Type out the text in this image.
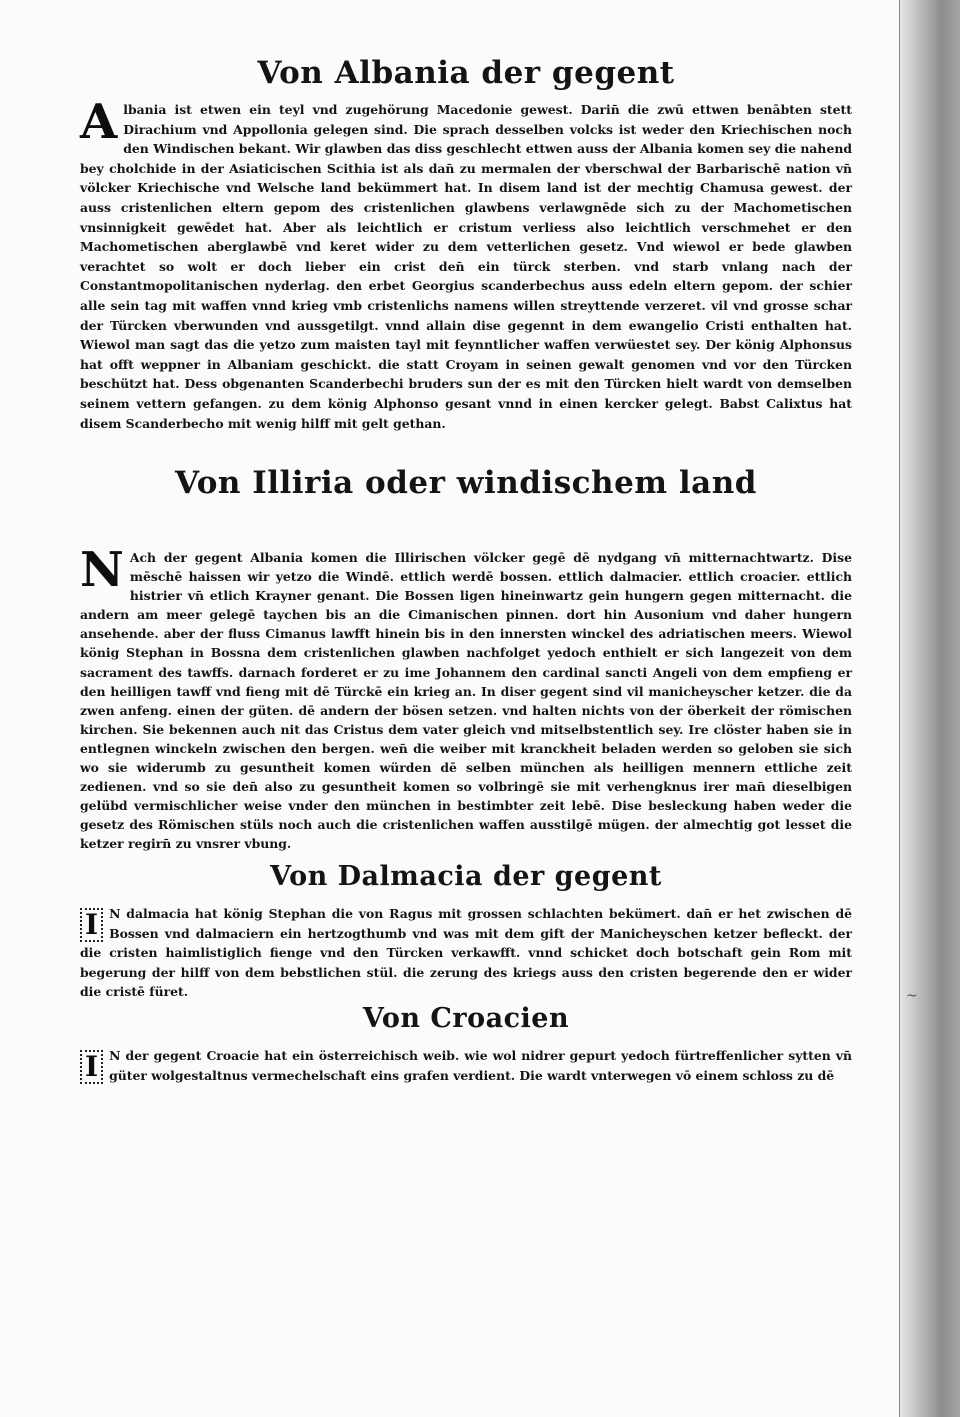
~
Von Albania der gegent

A lbania ist etwen ein teyl vnd zugehörung Macedonie gewest. Darin̄ die zwū ettwen benābten stett Dirachium vnd Appollonia gelegen sind. Die sprach desselben volcks ist weder den Kriechischen noch den Windischen bekant. Wir glawben das diss geschlecht ettwen auss der Albania komen sey die nahend bey cholchide in der Asiaticischen Scithia ist als dan̄ zu mermalen der vberschwal der Barbarischē nation vn̄ völcker Kriechische vnd Welsche land bekümmert hat. In disem land ist der mechtig Chamusa gewest. der auss cristenlichen eltern gepom des cristenlichen glawbens verlawgnēde sich zu der Machometischen vnsinnigkeit gewēdet hat. Aber als leichtlich er cristum verliess also leichtlich verschmehet er den Machometischen aberglawbē vnd keret wider zu dem vetterlichen gesetz. Vnd wiewol er bede glawben verachtet so wolt er doch lieber ein crist den̄ ein türck sterben. vnd starb vnlang nach der Constantmopolitanischen nyderlag. den erbet Georgius scanderbechus auss edeln eltern gepom. der schier alle sein tag mit waffen vnnd krieg vmb cristenlichs namens willen streyttende verzeret. vil vnd grosse schar der Türcken vberwunden vnd aussgetilgt. vnnd allain dise gegennt in dem ewangelio Cristi enthalten hat. Wiewol man sagt das die yetzo zum maisten tayl mit feynntlicher waffen verwüestet sey. Der könig Alphonsus hat offt weppner in Albaniam geschickt. die statt Croyam in seinen gewalt genomen vnd vor den Türcken beschützt hat. Dess obgenanten Scanderbechi bruders sun der es mit den Türcken hielt wardt von demselben seinem vettern gefangen. zu dem könig Alphonso gesant vnnd in einen kercker gelegt. Babst Calixtus hat disem Scanderbecho mit wenig hilff mit gelt gethan.

Von Illiria oder windischem land

N Ach der gegent Albania komen die Illirischen völcker gegē dē nydgang vn̄ mitternachtwartz. Dise mēschē haissen wir yetzo die Windē. ettlich werdē bossen. ettlich dalmacier. ettlich croacier. ettlich histrier vn̄ etlich Krayner genant. Die Bossen ligen hineinwartz gein hungern gegen mitternacht. die andern am meer gelegē taychen bis an die Cimanischen pinnen. dort hin Ausonium vnd daher hungern ansehende. aber der fluss Cimanus lawfft hinein bis in den innersten winckel des adriatischen meers. Wiewol könig Stephan in Bossna dem cristenlichen glawben nachfolget yedoch enthielt er sich langezeit von dem sacrament des tawffs. darnach forderet er zu ime Johannem den cardinal sancti Angeli von dem empfieng er den heilligen tawff vnd fieng mit dē Türckē ein krieg an. In diser gegent sind vil manicheyscher ketzer. die da zwen anfeng. einen der güten. dē andern der bösen setzen. vnd halten nichts von der öberkeit der römischen kirchen. Sie bekennen auch nit das Cristus dem vater gleich vnd mitselbstentlich sey. Ire clöster haben sie in entlegnen winckeln zwischen den bergen. wen̄ die weiber mit kranckheit beladen werden so geloben sie sich wo sie widerumb zu gesuntheit komen würden dē selben münchen als heilligen mennern ettliche zeit zedienen. vnd so sie den̄ also zu gesuntheit komen so volbringē sie mit verhengknus irer man̄ dieselbigen gelübd vermischlicher weise vnder den münchen in bestimbter zeit lebē. Dise besleckung haben weder die gesetz des Römischen stüls noch auch die cristenlichen waffen ausstilgē mügen. der almechtig got lesset die ketzer regirn̄ zu vnsrer vbung.

Von Dalmacia der gegent

I N dalmacia hat könig Stephan die von Ragus mit grossen schlachten bekümert. dan̄ er het zwischen dē Bossen vnd dalmaciern ein hertzogthumb vnd was mit dem gift der Manicheyschen ketzer befleckt. der die cristen haimlistiglich fienge vnd den Türcken verkawfft. vnnd schicket doch botschaft gein Rom mit begerung der hilff von dem bebstlichen stül. die zerung des kriegs auss den cristen begerende den er wider die cristē füret.

Von Croacien

I N der gegent Croacie hat ein österreichisch weib. wie wol nidrer gepurt yedoch fürtreffenlicher sytten vn̄ güter wolgestaltnus vermechelschaft eins grafen verdient. Die wardt vnterwegen vō einem schloss zu dē
